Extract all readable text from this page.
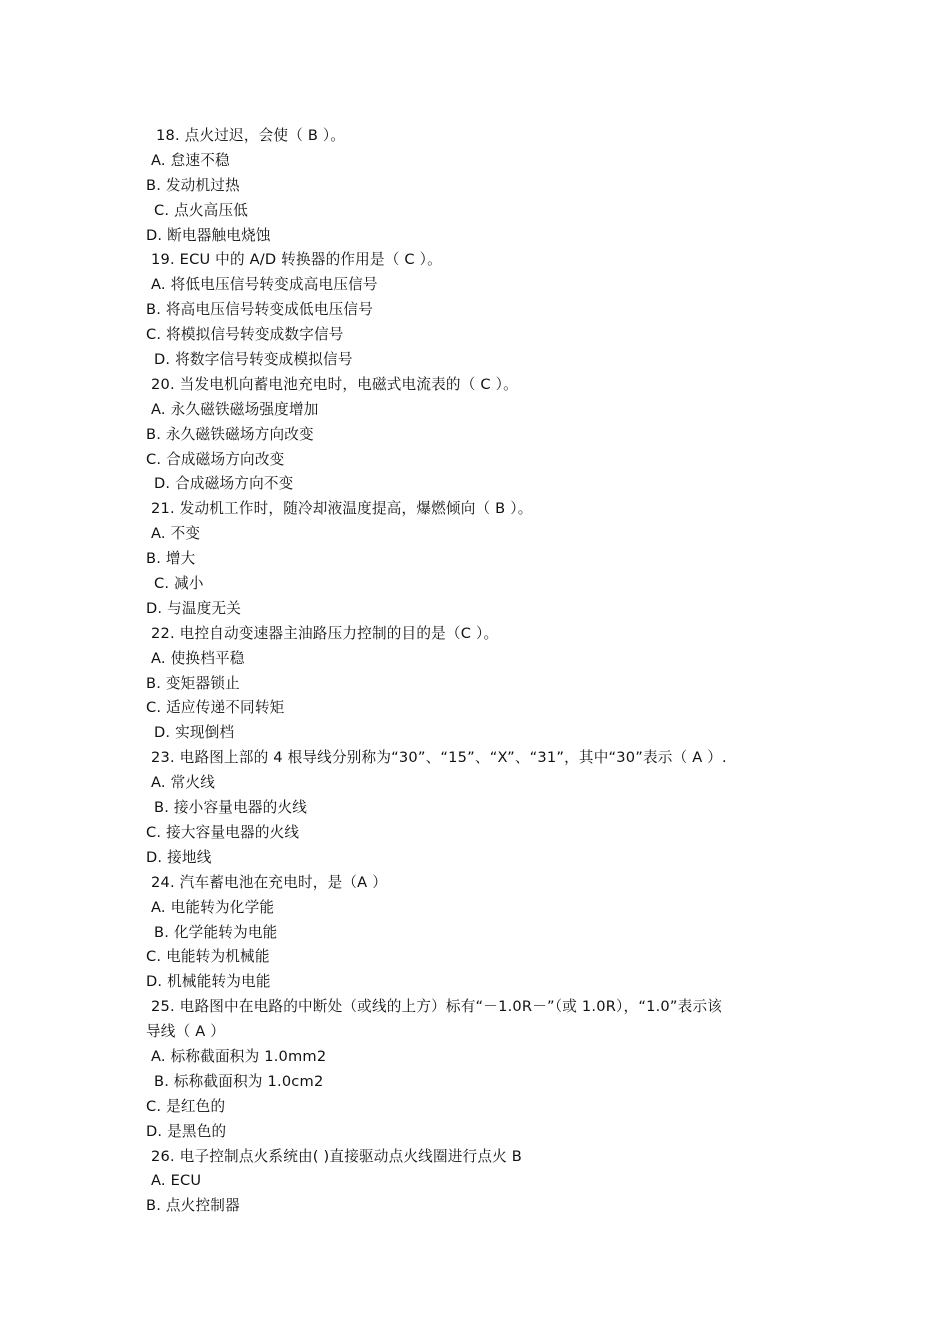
18. 点火过迟，会使（ B ）。
A. 怠速不稳
B. 发动机过热
C. 点火高压低
D. 断电器触电烧蚀
19. ECU 中的 A/D 转换器的作用是（ C ）。
A. 将低电压信号转变成高电压信号
B. 将高电压信号转变成低电压信号
C. 将模拟信号转变成数字信号
D. 将数字信号转变成模拟信号
20. 当发电机向蓄电池充电时，电磁式电流表的（ C ）。
A. 永久磁铁磁场强度增加
B. 永久磁铁磁场方向改变
C. 合成磁场方向改变
D. 合成磁场方向不变
21. 发动机工作时，随冷却液温度提高，爆燃倾向（ B ）。
A. 不变
B. 增大
C. 减小
D. 与温度无关
22. 电控自动变速器主油路压力控制的目的是（C ）。
A. 使换档平稳
B. 变矩器锁止
C. 适应传递不同转矩
D. 实现倒档
23. 电路图上部的 4 根导线分别称为“30”、“15”、“X”、“31”，其中“30”表示（ A ）.
A. 常火线
B. 接小容量电器的火线
C. 接大容量电器的火线
D. 接地线
24. 汽车蓄电池在充电时，是（A ）
A. 电能转为化学能
B. 化学能转为电能
C. 电能转为机械能
D. 机械能转为电能
25. 电路图中在电路的中断处（或线的上方）标有“－1.0R－”（或 1.0R），“1.0”表示该
导线（ A ）
A. 标称截面积为 1.0mm2
B. 标称截面积为 1.0cm2
C. 是红色的
D. 是黑色的
26. 电子控制点火系统由( )直接驱动点火线圈进行点火 B
A. ECU
B. 点火控制器
